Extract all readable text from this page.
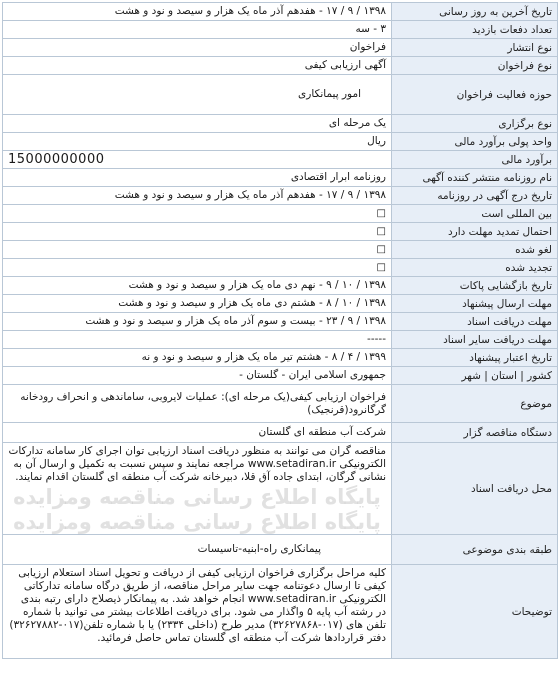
تاریخ آخرین به روز رسانی	۱۳۹۸ / ۹ / ۱۷ - هفدهم آذر ماه یک هزار و سیصد و نود و هشت
تعداد دفعات بازدید	۳ - سه
نوع انتشار	فراخوان
نوع فراخوان	آگهی ارزیابی کیفی
حوزه فعالیت فراخوان	امور پیمانکاری
نوع برگزاری	یک مرحله ای
واحد پولی برآورد مالی	ریال
برآورد مالی	15000000000
نام روزنامه منتشر کننده آگهی	روزنامه ابرار اقتصادی
تاریخ درج آگهی در روزنامه	۱۳۹۸ / ۹ / ۱۷ - هفدهم آذر ماه یک هزار و سیصد و نود و هشت
بین المللی است	□
احتمال تمدید مهلت دارد	□
لغو شده	□
تجدید شده	□
تاریخ بازگشایی پاکات	۱۳۹۸ / ۱۰ / ۹ - نهم دی ماه یک هزار و سیصد و نود و هشت
مهلت ارسال پیشنهاد	۱۳۹۸ / ۱۰ / ۸ - هشتم دی ماه یک هزار و سیصد و نود و هشت
مهلت دریافت اسناد	۱۳۹۸ / ۹ / ۲۳ - بیست و سوم آذر ماه یک هزار و سیصد و نود و هشت
مهلت دریافت سایر اسناد	-----
تاریخ اعتبار پیشنهاد	۱۳۹۹ / ۴ / ۸ - هشتم تیر ماه یک هزار و سیصد و نود و نه
کشور | استان | شهر	جمهوری اسلامی ایران - گلستان -
موضوع	فراخوان ارزیابی کیفی(یک مرحله ای): عملیات لایروبی، ساماندهی و انحراف رودخانه گرگانرود(قرنجیک)
دستگاه مناقصه گزار	شرکت آب منطقه ای گلستان
محل دریافت اسناد	مناقصه گران می توانند به منظور دریافت اسناد ارزیابی توان اجرای کار سامانه تدارکات الکترونیکی www.setadiran.ir مراجعه نمایند و سپس نسبت به تکمیل و ارسال آن به نشانی گرگان، ابتدای جاده آق قلا، دبیرخانه شرکت آب منطقه ای گلستان اقدام نمایند.
پایگاه اطلاع رسانی مناقصه ومزایده
پایگاه اطلاع رسانی مناقصه ومزایده

طبقه بندی موضوعی	پیمانکاری راه-ابنیه-تاسیسات
توضیحات	کلیه مراحل برگزاری فراخوان ارزیابی کیفی از دریافت و تحویل اسناد استعلام ارزیابی کیفی تا ارسال دعوتنامه جهت سایر مراحل مناقصه، از طریق درگاه سامانه تدارکاتی الکترونیکی www.setadiran.ir انجام خواهد شد. به پیمانکار ذیصلاح دارای رتبه بندی در رشته آب پایه ۵ واگذار می شود. برای دریافت اطلاعات بیشتر می توانید با شماره تلفن های (۰۱۷-۳۲۶۲۷۸۶۸) مدیر طرح (داخلی ۲۳۳۴) یا با شماره تلفن(۰۱۷-۳۲۶۲۷۸۸۲) دفتر قراردادها شرکت آب منطقه ای گلستان تماس حاصل فرمائید.
